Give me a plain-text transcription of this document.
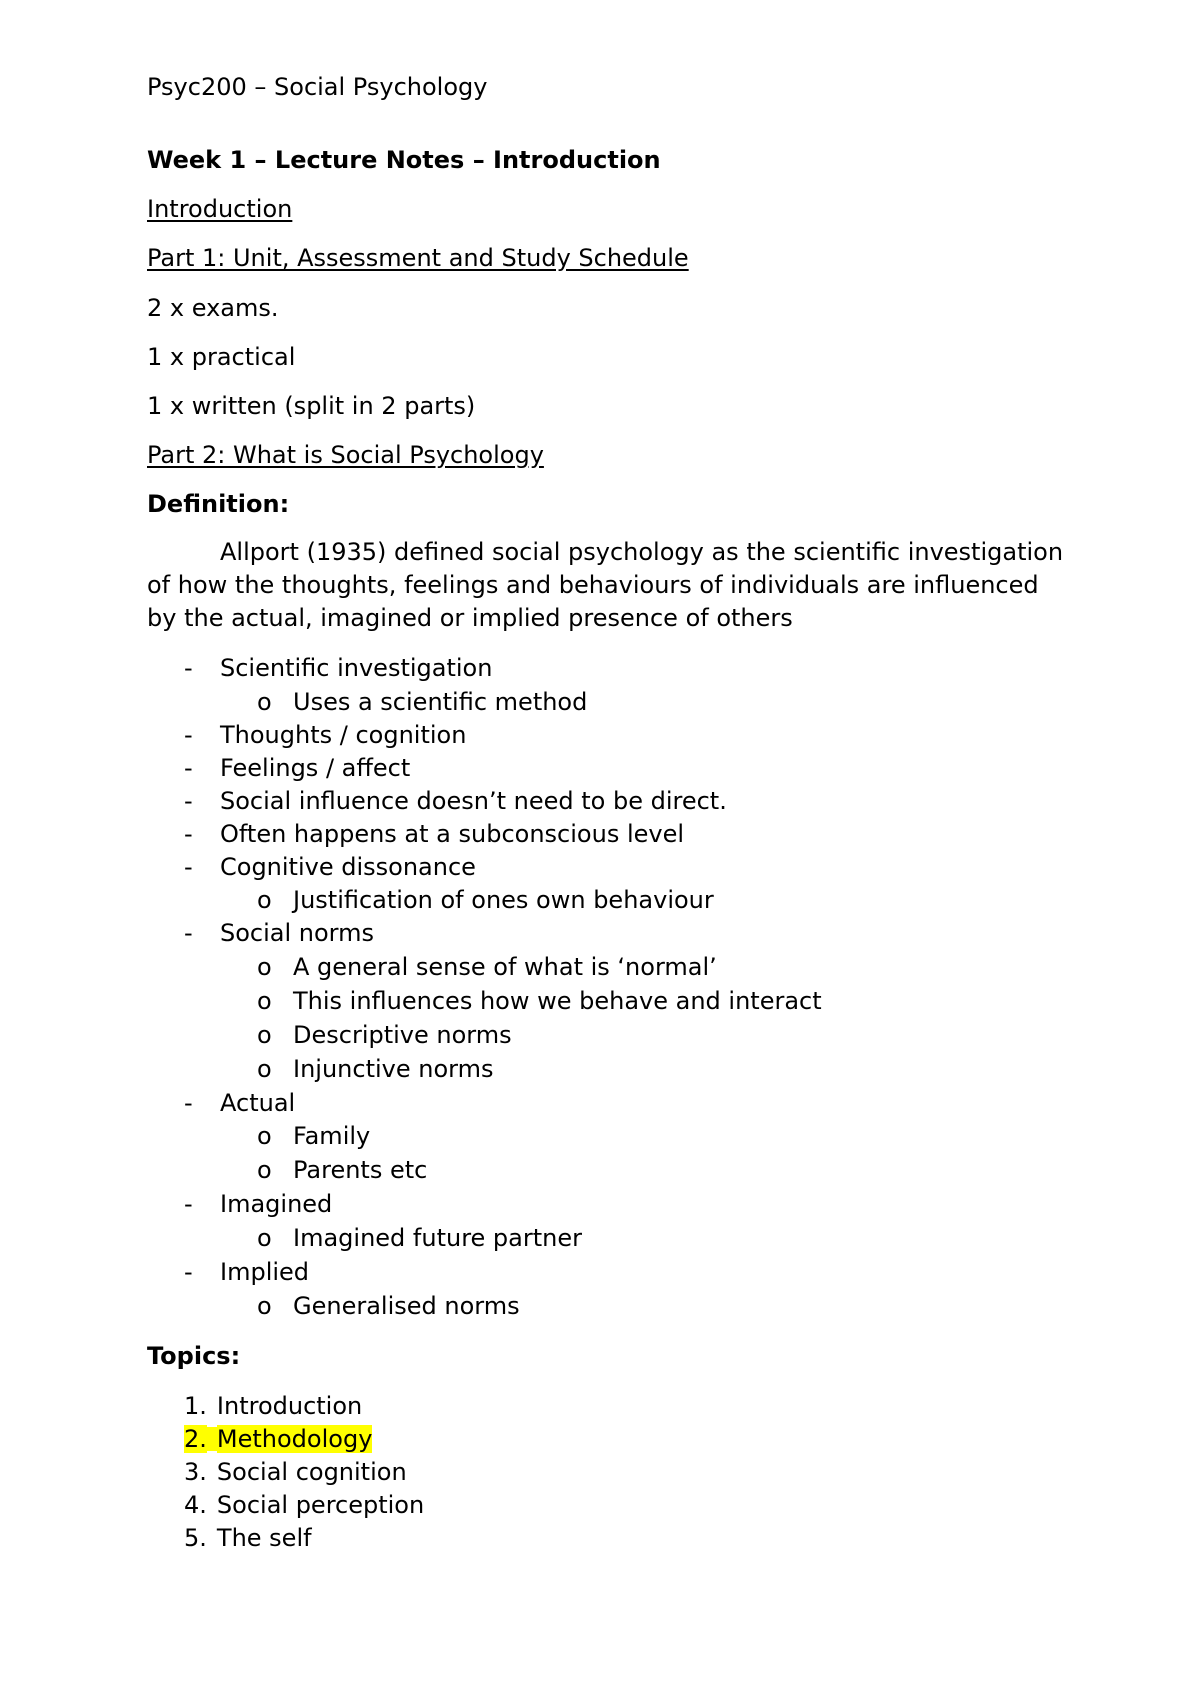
Psyc200 – Social Psychology
Week 1 – Lecture Notes – Introduction
Introduction
Part 1: Unit, Assessment and Study Schedule
2 x exams.
1 x practical
1 x written (split in 2 parts)
Part 2: What is Social Psychology
Definition:
Allport (1935) defined social psychology as the scientific investigation of how the thoughts, feelings and behaviours of individuals are influenced by the actual, imagined or implied presence of others
- Scientific investigation
o Uses a scientific method
- Thoughts / cognition
- Feelings / affect
- Social influence doesn’t need to be direct.
- Often happens at a subconscious level
- Cognitive dissonance
o Justification of ones own behaviour
- Social norms
o A general sense of what is ‘normal’
o This influences how we behave and interact
o Descriptive norms
o Injunctive norms
- Actual
o Family
o Parents etc
- Imagined
o Imagined future partner
- Implied
o Generalised norms
Topics:
1. Introduction
2. Methodology
3. Social cognition
4. Social perception
5. The self
